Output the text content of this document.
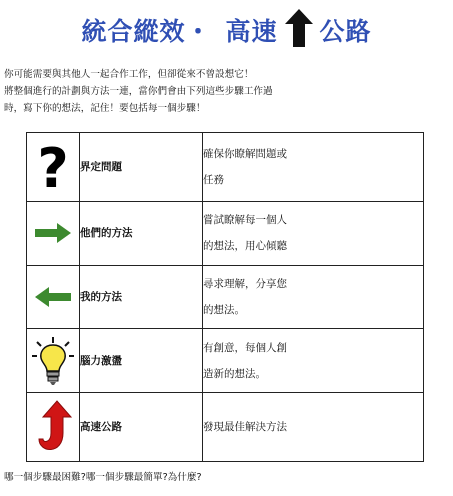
統合縱效 ・ 高速 公路
你可能需要與其他人一起合作工作，但卻從來不曾設想它！
將整個進行的計劃與方法一連，當你們會由下列這些步驟工作過
時，寫下你的想法，記住！要包括每一個步驟！
?	界定問題	確保你瞭解問題或
任務

	他們的方法	嘗試瞭解每一個人
的想法，用心傾聽

	我的方法	尋求理解，分享您
的想法。

	腦力激盪	有創意，每個人創
造新的想法。

	高速公路	發現最佳解決方法
哪一個步驟最困難?哪一個步驟最簡單?為什麼?
